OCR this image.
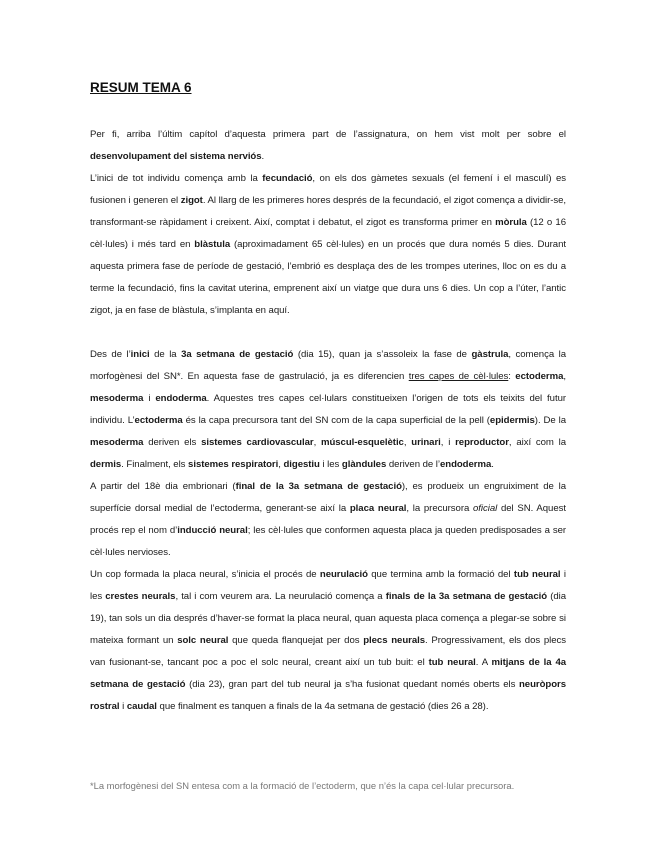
RESUM TEMA 6

Per fi, arriba l’últim capítol d’aquesta primera part de l’assignatura, on hem vist molt per sobre el desenvolupament del sistema nerviós.

L’inici de tot individu comença amb la fecundació, on els dos gàmetes sexuals (el femení i el masculí) es fusionen i generen el zigot. Al llarg de les primeres hores després de la fecundació, el zigot comença a dividir-se, transformant-se ràpidament i creixent. Així, comptat i debatut, el zigot es transforma primer en mòrula (12 o 16 cèl·lules) i més tard en blàstula (aproximadament 65 cèl·lules) en un procés que dura només 5 dies. Durant aquesta primera fase de període de gestació, l’embrió es desplaça des de les trompes uterines, lloc on es du a terme la fecundació, fins la cavitat uterina, emprenent així un viatge que dura uns 6 dies. Un cop a l’úter, l’antic zigot, ja en fase de blàstula, s’implanta en aquí.

Des de l’inici de la 3a setmana de gestació (dia 15), quan ja s’assoleix la fase de gàstrula, comença la morfogènesi del SN*. En aquesta fase de gastrulació, ja es diferencien tres capes de cèl·lules: ectoderma, mesoderma i endoderma. Aquestes tres capes cel·lulars constitueixen l’origen de tots els teixits del futur individu. L’ectoderma és la capa precursora tant del SN com de la capa superficial de la pell (epidermis). De la mesoderma deriven els sistemes cardiovascular, múscul-esquelètic, urinari, i reproductor, així com la dermis. Finalment, els sistemes respiratori, digestiu i les glàndules deriven de l’endoderma.

A partir del 18è dia embrionari (final de la 3a setmana de gestació), es produeix un engruiximent de la superfície dorsal medial de l’ectoderma, generant-se així la placa neural, la precursora oficial del SN. Aquest procés rep el nom d’inducció neural; les cèl·lules que conformen aquesta placa ja queden predisposades a ser cèl·lules nervioses.

Un cop formada la placa neural, s’inicia el procés de neurulació que termina amb la formació del tub neural i les crestes neurals, tal i com veurem ara. La neurulació comença a finals de la 3a setmana de gestació (dia 19), tan sols un dia després d’haver-se format la placa neural, quan aquesta placa comença a plegar-se sobre si mateixa formant un solc neural que queda flanquejat per dos plecs neurals. Progressivament, els dos plecs van fusionant-se, tancant poc a poc el solc neural, creant així un tub buit: el tub neural. A mitjans de la 4a setmana de gestació (dia 23), gran part del tub neural ja s’ha fusionat quedant només oberts els neuròpors rostral i caudal que finalment es tanquen a finals de la 4a setmana de gestació (dies 26 a 28).

*La morfogènesi del SN entesa com a la formació de l’ectoderm, que n’és la capa cel·lular precursora.
